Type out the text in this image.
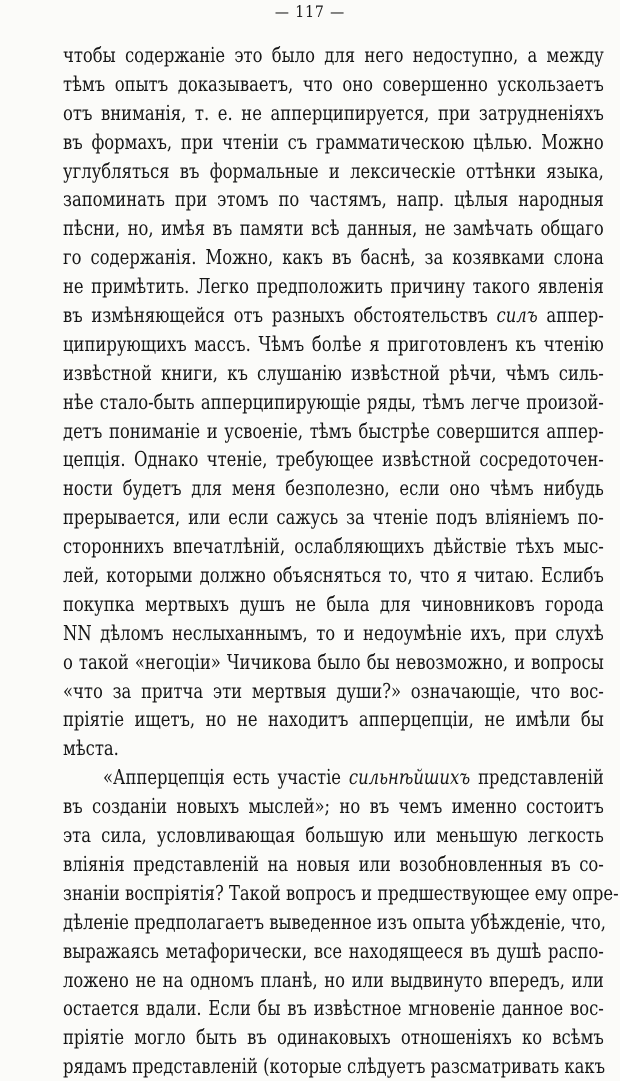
— 117 —
чтобы содержаніе это было для него недоступно, а между
тѣмъ опытъ доказываетъ, что оно совершенно ускользаетъ
отъ вниманія, т. е. не апперципируется, при затрудненіяхъ
въ формахъ, при чтеніи съ грамматическою цѣлью. Можно
углубляться въ формальные и лексическіе оттѣнки языка,
запоминать при этомъ по частямъ, напр. цѣлыя народныя
пѣсни, но, имѣя въ памяти всѣ данныя, не замѣчать общаго
го содержанія. Можно, какъ въ баснѣ, за козявками слона
не примѣтить. Легко предположить причину такого явленія
въ измѣняющейся отъ разныхъ обстоятельствъ силъ аппер-
ципирующихъ массъ. Чѣмъ болѣе я приготовленъ къ чтенію
извѣстной книги, къ слушанію извѣстной рѣчи, чѣмъ силь-
нѣе стало-быть апперципирующіе ряды, тѣмъ легче произой-
детъ пониманіе и усвоеніе, тѣмъ быстрѣе совершится аппер-
цепція. Однако чтеніе, требующее извѣстной сосредоточен-
ности будетъ для меня безполезно, если оно чѣмъ нибудь
прерывается, или если сажусь за чтеніе подъ вліяніемъ по-
стороннихъ впечатлѣній, ослабляющихъ дѣйствіе тѣхъ мыс-
лей, которыми должно объясняться то, что я читаю. Еслибъ
покупка мертвыхъ душъ не была для чиновниковъ города
NN дѣломъ неслыханнымъ, то и недоумѣніе ихъ, при слухѣ
о такой «негоціи» Чичикова было бы невозможно, и вопросы
«что за притча эти мертвыя души?» означающіе, что вос-
пріятіе ищетъ, но не находитъ апперцепціи, не имѣли бы
мѣста.
«Апперцепція есть участіе сильнѣйшихъ представленій
въ созданіи новыхъ мыслей»; но въ чемъ именно состоитъ
эта сила, условливающая большую или меньшую легкость
вліянія представленій на новыя или возобновленныя въ со-
знаніи воспріятія? Такой вопросъ и предшествующее ему опре-
дѣленіе предполагаетъ выведенное изъ опыта убѣжденіе, что,
выражаясь метафорически, все находящееся въ душѣ распо-
ложено не на одномъ планѣ, но или выдвинуто впередъ, или
остается вдали. Если бы въ извѣстное мгновеніе данное вос-
пріятіе могло быть въ одинаковыхъ отношеніяхъ ко всѣмъ
рядамъ представленій (которые слѣдуетъ разсматривать какъ
